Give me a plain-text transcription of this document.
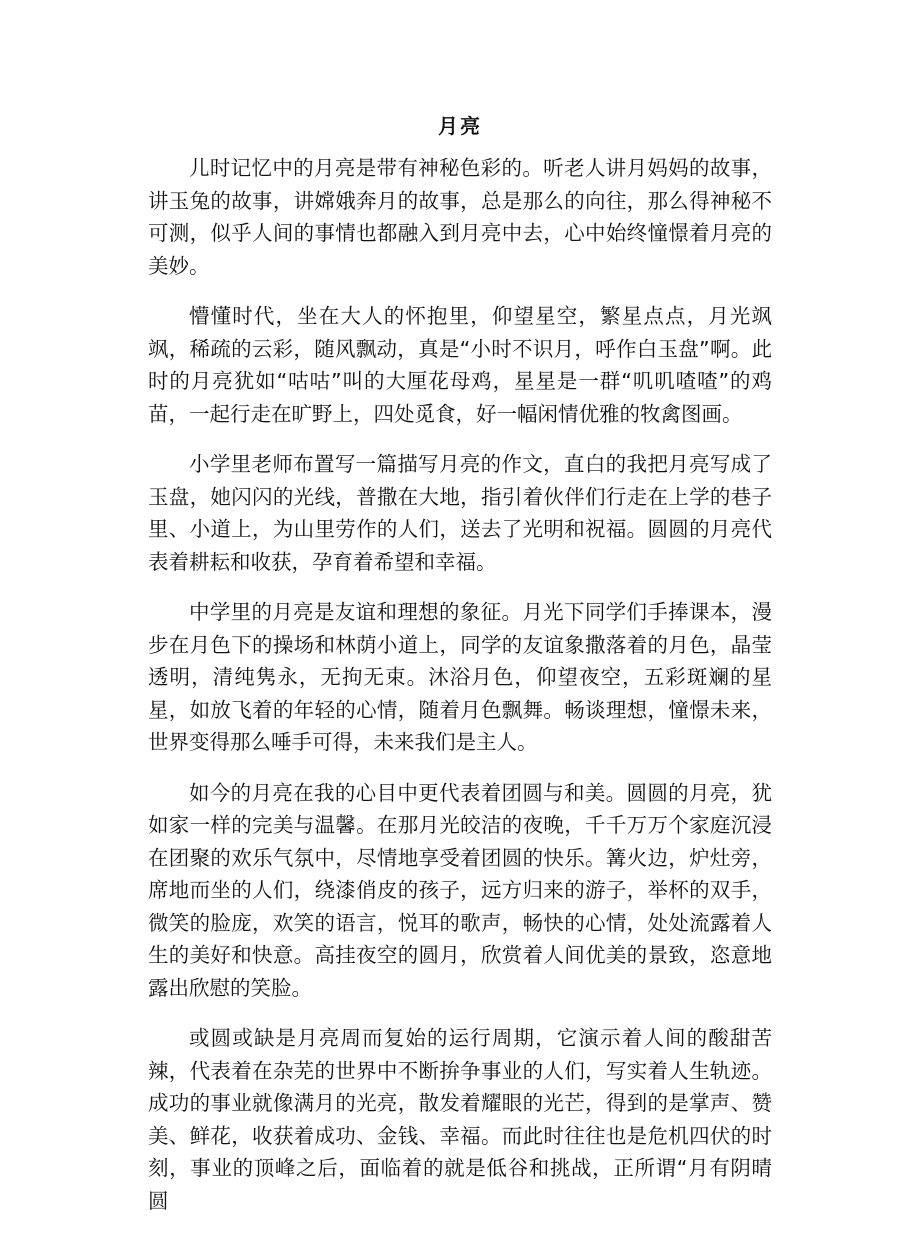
月亮

儿时记忆中的月亮是带有神秘色彩的。听老人讲月妈妈的故事，讲玉兔的故事，讲嫦娥奔月的故事，总是那么的向往，那么得神秘不可测，似乎人间的事情也都融入到月亮中去，心中始终憧憬着月亮的美妙。

懵懂时代，坐在大人的怀抱里，仰望星空，繁星点点，月光飒飒，稀疏的云彩，随风飘动，真是“小时不识月，呼作白玉盘”啊。此时的月亮犹如“咕咕”叫的大厘花母鸡，星星是一群“叽叽喳喳”的鸡苗，一起行走在旷野上，四处觅食，好一幅闲情优雅的牧禽图画。

小学里老师布置写一篇描写月亮的作文，直白的我把月亮写成了玉盘，她闪闪的光线，普撒在大地，指引着伙伴们行走在上学的巷子里、小道上，为山里劳作的人们，送去了光明和祝福。圆圆的月亮代表着耕耘和收获，孕育着希望和幸福。

中学里的月亮是友谊和理想的象征。月光下同学们手捧课本，漫步在月色下的操场和林荫小道上，同学的友谊象撒落着的月色，晶莹透明，清纯隽永，无拘无束。沐浴月色，仰望夜空，五彩斑斓的星星，如放飞着的年轻的心情，随着月色飘舞。畅谈理想，憧憬未来，世界变得那么唾手可得，未来我们是主人。

如今的月亮在我的心目中更代表着团圆与和美。圆圆的月亮，犹如家一样的完美与温馨。在那月光皎洁的夜晚，千千万万个家庭沉浸在团聚的欢乐气氛中，尽情地享受着团圆的快乐。篝火边，炉灶旁，席地而坐的人们，绕漆俏皮的孩子，远方归来的游子，举杯的双手，微笑的脸庞，欢笑的语言，悦耳的歌声，畅快的心情，处处流露着人生的美好和快意。高挂夜空的圆月，欣赏着人间优美的景致，恣意地露出欣慰的笑脸。

或圆或缺是月亮周而复始的运行周期，它演示着人间的酸甜苦辣，代表着在杂芜的世界中不断拚争事业的人们，写实着人生轨迹。成功的事业就像满月的光亮，散发着耀眼的光芒，得到的是掌声、赞美、鲜花，收获着成功、金钱、幸福。而此时往往也是危机四伏的时刻，事业的顶峰之后，面临着的就是低谷和挑战，正所谓“月有阴晴圆
